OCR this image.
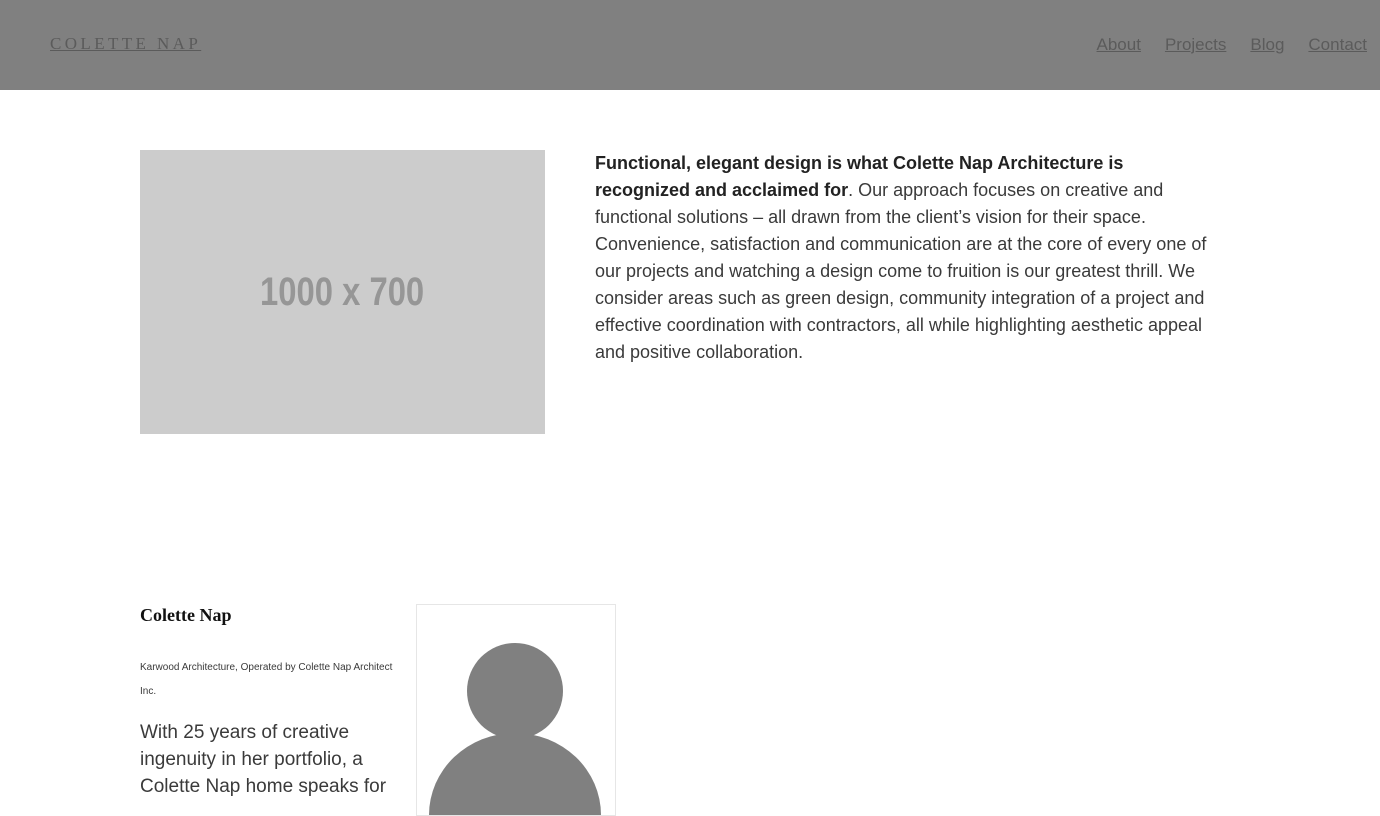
COLETTE NAP	About Projects Blog Contact
1000 x 700

Functional, elegant design is what Colette Nap Architecture is recognized and acclaimed for. Our approach focuses on creative and functional solutions – all drawn from the client’s vision for their space. Convenience, satisfaction and communication are at the core of every one of our projects and watching a design come to fruition is our greatest thrill. We consider areas such as green design, community integration of a project and effective coordination with contractors, all while highlighting aesthetic appeal and positive collaboration.

Colette Nap
Karwood Architecture, Operated by Colette Nap Architect Inc.
With 25 years of creative ingenuity in her portfolio, a Colette Nap home speaks for
